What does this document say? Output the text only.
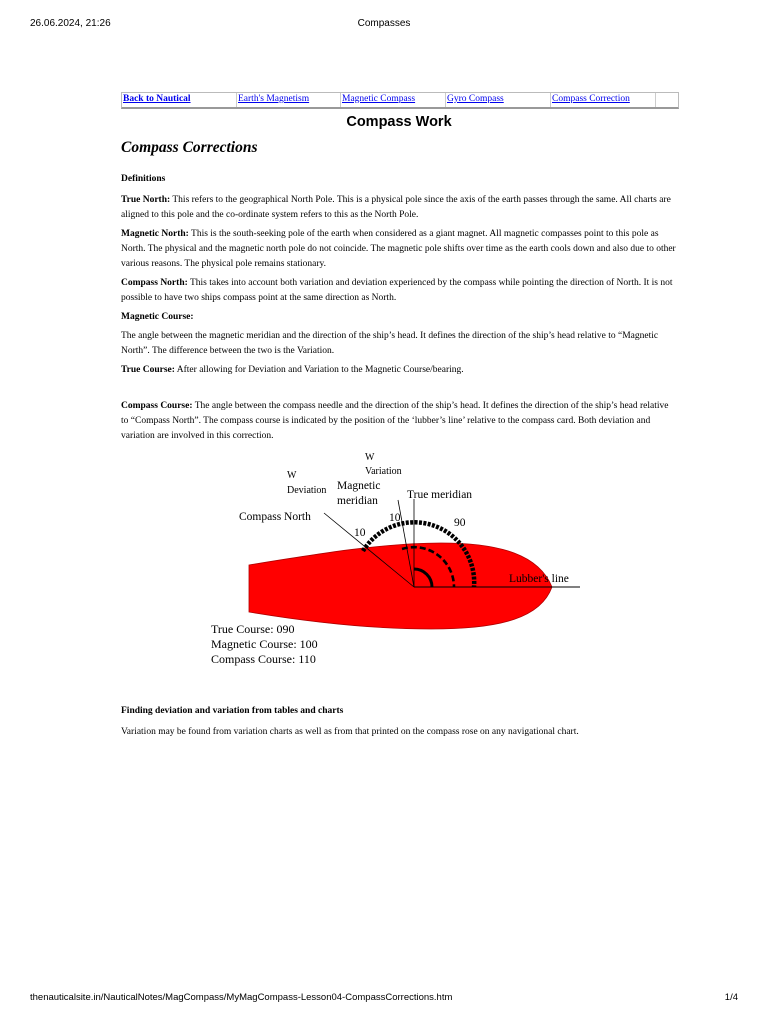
26.06.2024, 21:26	Compasses
Back to Nautical	Earth's Magnetism	Magnetic Compass	Gyro Compass	Compass Correction
Compass Work
Compass Corrections
Definitions

True North: This refers to the geographical North Pole. This is a physical pole since the axis of the earth passes through the same. All charts are aligned to this pole and the co-ordinate system refers to this as the North Pole.

Magnetic North: This is the south-seeking pole of the earth when considered as a giant magnet. All magnetic compasses point to this pole as North. The physical and the magnetic north pole do not coincide. The magnetic pole shifts over time as the earth cools down and also due to other various reasons. The physical pole remains stationary.

Compass North: This takes into account both variation and deviation experienced by the compass while pointing the direction of North. It is not possible to have two ships compass point at the same direction as North.

Magnetic Course:

The angle between the magnetic meridian and the direction of the ship’s head. It defines the direction of the ship’s head relative to “Magnetic North”. The difference between the two is the Variation.

True Course: After allowing for Deviation and Variation to the Magnetic Course/bearing.

Compass Course: The angle between the compass needle and the direction of the ship’s head. It defines the direction of the ship’s head relative to “Compass North”. The compass course is indicated by the position of the ‘lubber’s line’ relative to the compass card. Both deviation and variation are involved in this correction.

W
Variation
W
Deviation Magnetic
meridian	True meridian
Compass North	10
10
90
Lubber's line
True Course: 090
Magnetic Course: 100
Compass Course: 110
Finding deviation and variation from tables and charts

Variation may be found from variation charts as well as from that printed on the compass rose on any navigational chart.

thenauticalsite.in/NauticalNotes/MagCompass/MyMagCompass-Lesson04-CompassCorrections.htm	1/4
